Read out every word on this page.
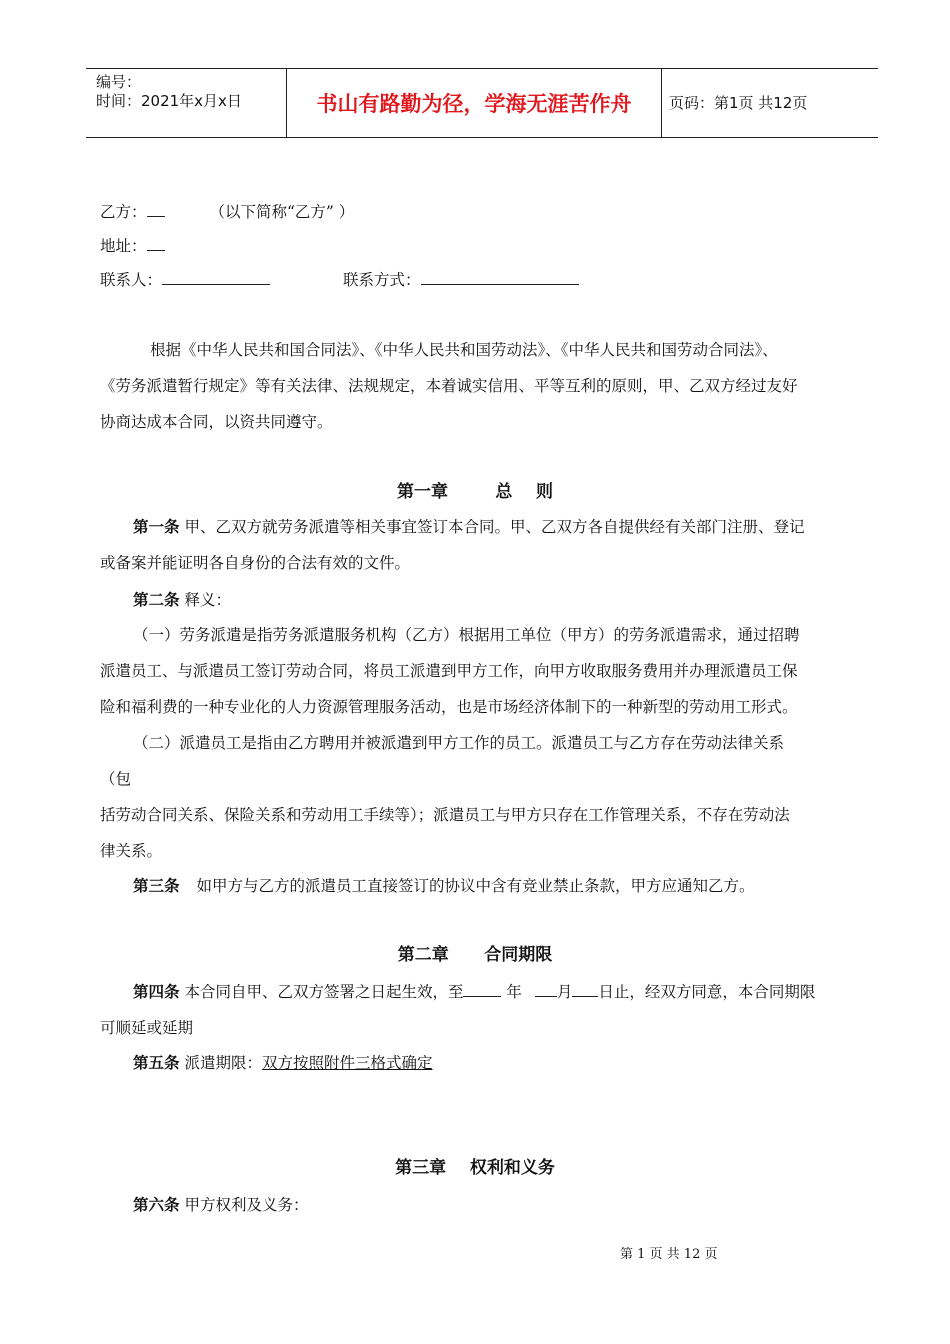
编号：
时间：2021年x月x日	书山有路勤为径，学海无涯苦作舟	页码：第1页 共12页
乙方：	（以下简称“乙方” ）
地址：
联系人：	联系方式：
根据《中华人民共和国合同法》、《中华人民共和国劳动法》、《中华人民共和国劳动合同法》、
《劳务派遣暂行规定》等有关法律、法规规定，本着诚实信用、平等互利的原则，甲、乙双方经过友好
协商达成本合同，以资共同遵守。
第一章        总    则
第一条 甲、乙双方就劳务派遣等相关事宜签订本合同。甲、乙双方各自提供经有关部门注册、登记
或备案并能证明各自身份的合法有效的文件。
第二条 释义：
（一）劳务派遣是指劳务派遣服务机构（乙方）根据用工单位（甲方）的劳务派遣需求，通过招聘
派遣员工、与派遣员工签订劳动合同，将员工派遣到甲方工作，向甲方收取服务费用并办理派遣员工保
险和福利费的一种专业化的人力资源管理服务活动，也是市场经济体制下的一种新型的劳动用工形式。
（二）派遣员工是指由乙方聘用并被派遣到甲方工作的员工。派遣员工与乙方存在劳动法律关系
（包
括劳动合同关系、保险关系和劳动用工手续等）；派遣员工与甲方只存在工作管理关系，不存在劳动法
律关系。
第三条 如甲方与乙方的派遣员工直接签订的协议中含有竞业禁止条款，甲方应通知乙方。
第二章      合同期限
第四条 本合同自甲、乙双方签署之日起生效，至	年 月 日止，经双方同意，本合同期限
可顺延或延期
第五条 派遣期限：双方按照附件三格式确定
第三章    权利和义务
第六条 甲方权利及义务：
第 1 页 共 12 页
